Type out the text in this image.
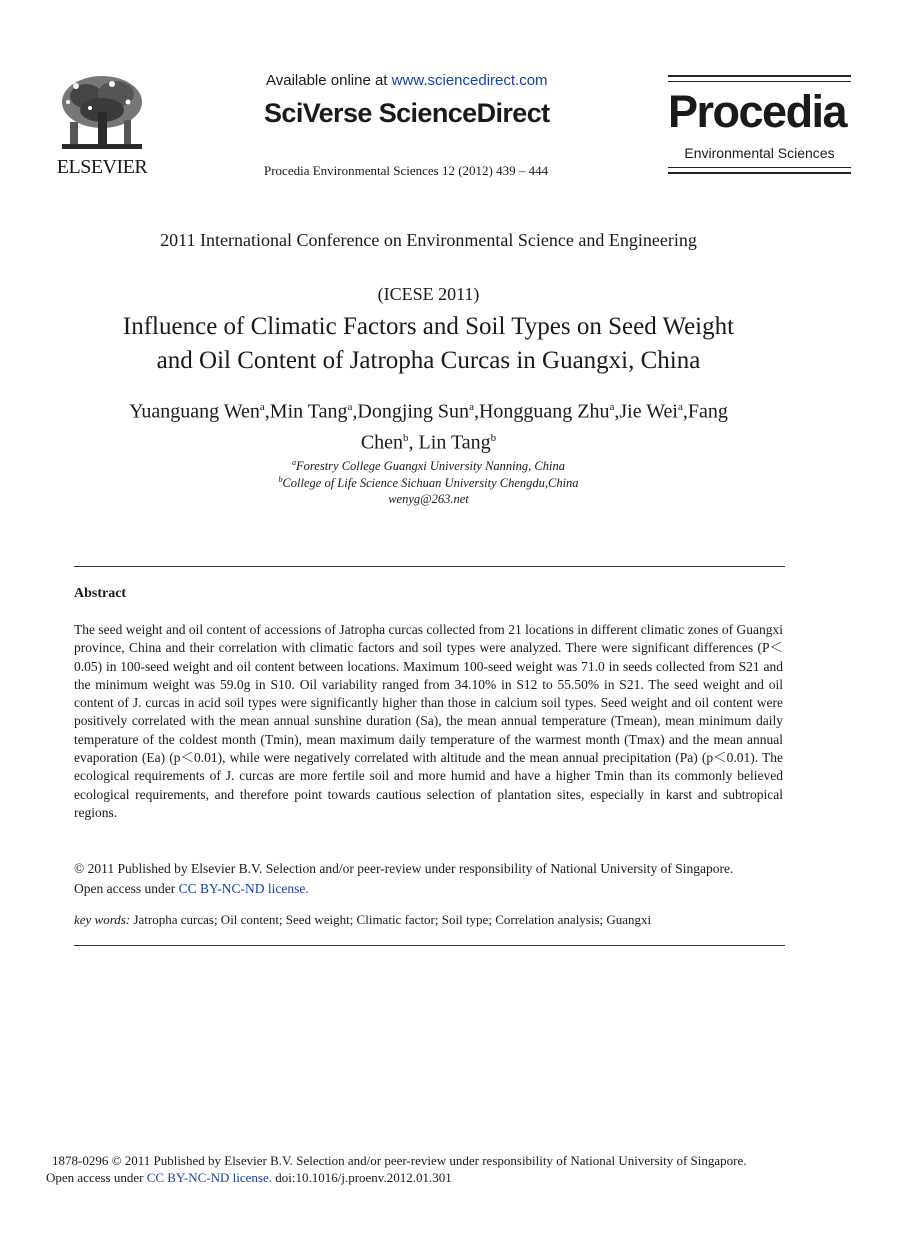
ELSEVIER
Available online at www.sciencedirect.com
SciVerse ScienceDirect
Procedia Environmental Sciences 12 (2012) 439 – 444
Procedia
Environmental Sciences
2011 International Conference on Environmental Science and Engineering
(ICESE 2011)
Influence of Climatic Factors and Soil Types on Seed Weight
and Oil Content of Jatropha Curcas in Guangxi, China
Yuanguang Wen$^a$,Min Tang$^a$,Dongjing Sun$^a$,Hongguang Zhu$^a$,Jie Wei$^a$,Fang
Chen$^b$, Lin Tang$^b$
$^a$Forestry College Guangxi University Nanning, China
$^b$College of Life Science Sichuan University Chengdu,China
wenyg@263.net
Abstract
The seed weight and oil content of accessions of Jatropha curcas collected from 21 locations in different climatic zones of Guangxi province, China and their correlation with climatic factors and soil types were analyzed. There were significant differences (P＜0.05) in 100-seed weight and oil content between locations. Maximum 100-seed weight was 71.0 in seeds collected from S21 and the minimum weight was 59.0g in S10. Oil variability ranged from 34.10% in S12 to 55.50% in S21. The seed weight and oil content of J. curcas in acid soil types were significantly higher than those in calcium soil types. Seed weight and oil content were positively correlated with the mean annual sunshine duration (Sa), the mean annual temperature (Tmean), mean minimum daily temperature of the coldest month (Tmin), mean maximum daily temperature of the warmest month (Tmax) and the mean annual evaporation (Ea) (p＜0.01), while were negatively correlated with altitude and the mean annual precipitation (Pa) (p＜0.01). The ecological requirements of J. curcas are more fertile soil and more humid and have a higher Tmin than its commonly believed ecological requirements, and therefore point towards cautious selection of plantation sites, especially in karst and subtropical regions.
© 2011 Published by Elsevier B.V. Selection and/or peer-review under responsibility of National University of Singapore.
Open access under CC BY-NC-ND license.
key words: Jatropha curcas; Oil content; Seed weight; Climatic factor; Soil type; Correlation analysis; Guangxi
1878-0296 © 2011 Published by Elsevier B.V. Selection and/or peer-review under responsibility of National University of Singapore.
Open access under CC BY-NC-ND license. doi:10.1016/j.proenv.2012.01.301
